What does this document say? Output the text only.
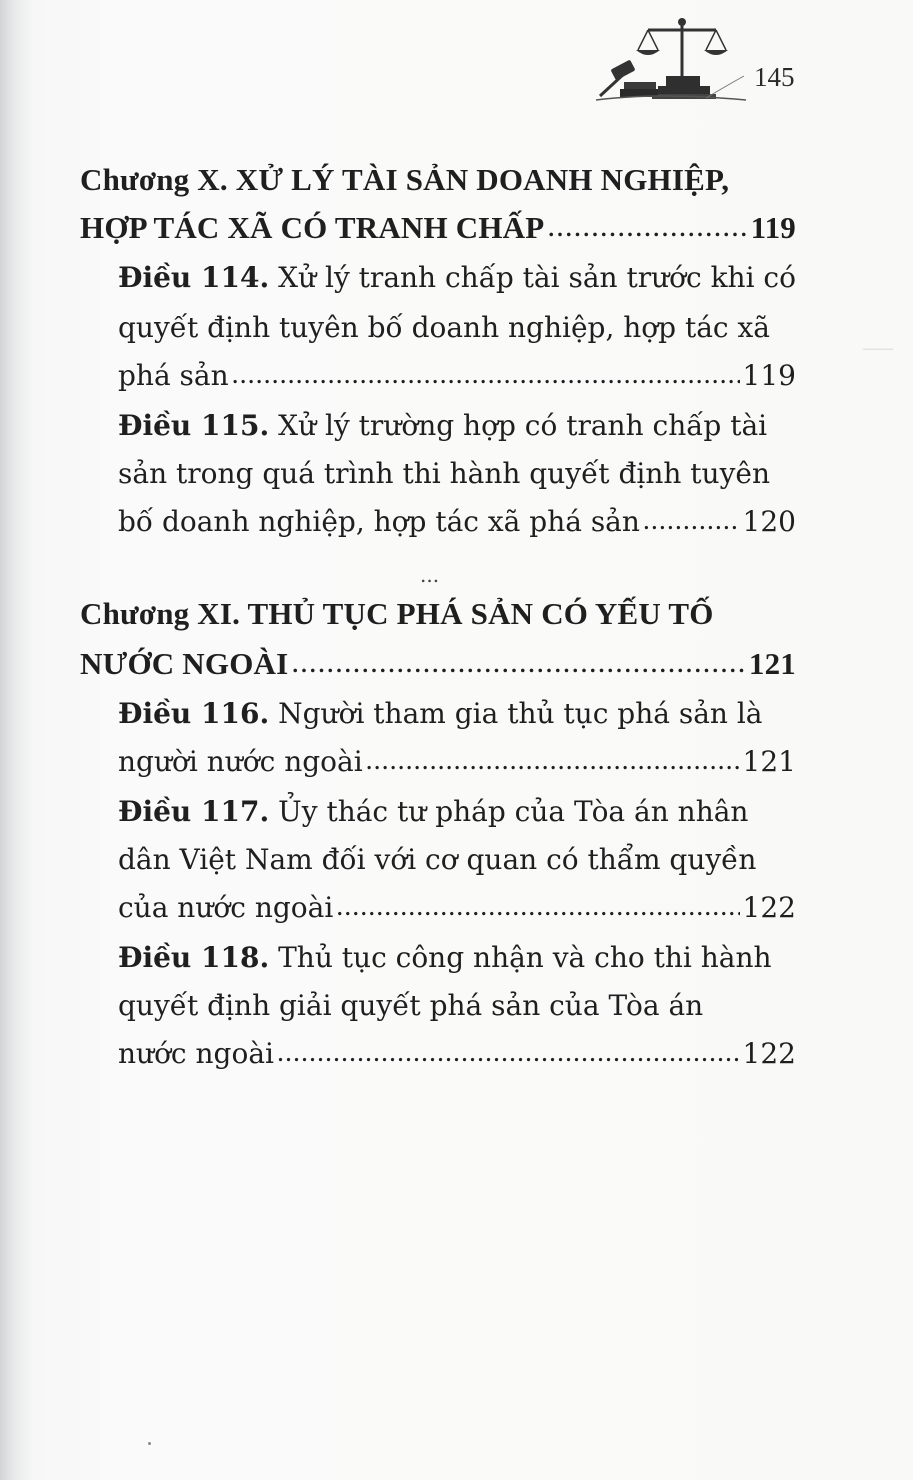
—
145
Chương X. XỬ LÝ TÀI SẢN DOANH NGHIỆP,
HỢP TÁC XÃ CÓ TRANH CHẤP .....	119
Điều 114. Xử lý tranh chấp tài sản trước khi có
quyết định tuyên bố doanh nghiệp, hợp tác xã
phá sản .....	119
Điều 115. Xử lý trường hợp có tranh chấp tài
sản trong quá trình thi hành quyết định tuyên
bố doanh nghiệp, hợp tác xã phá sản .....	120
Chương XI. THỦ TỤC PHÁ SẢN CÓ YẾU TỐ
NƯỚC NGOÀI .....	121
Điều 116. Người tham gia thủ tục phá sản là
người nước ngoài .....	121
Điều 117. Ủy thác tư pháp của Tòa án nhân
dân Việt Nam đối với cơ quan có thẩm quyền
của nước ngoài .....	122
Điều 118. Thủ tục công nhận và cho thi hành
quyết định giải quyết phá sản của Tòa án
nước ngoài .....	122
...
